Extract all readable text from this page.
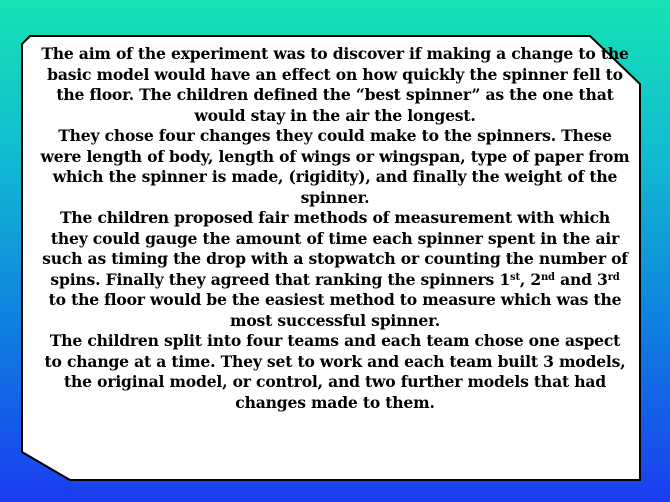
The aim of the experiment was to discover if making a change to the basic model would have an effect on how quickly the spinner fell to the floor. The children defined the “best spinner” as the one that would stay in the air the longest.

They chose four changes they could make to the spinners. These were length of body, length of wings or wingspan, type of paper from which the spinner is made, (rigidity), and finally the weight of the spinner.

The children proposed fair methods of measurement with which they could gauge the amount of time each spinner spent in the air such as timing the drop with a stopwatch or counting the number of spins. Finally they agreed that ranking the spinners 1st, 2nd and 3rd to the floor would be the easiest method to measure which was the most successful spinner.

The children split into four teams and each team chose one aspect to change at a time. They set to work and each team built 3 models, the original model, or control, and two further models that had changes made to them.
